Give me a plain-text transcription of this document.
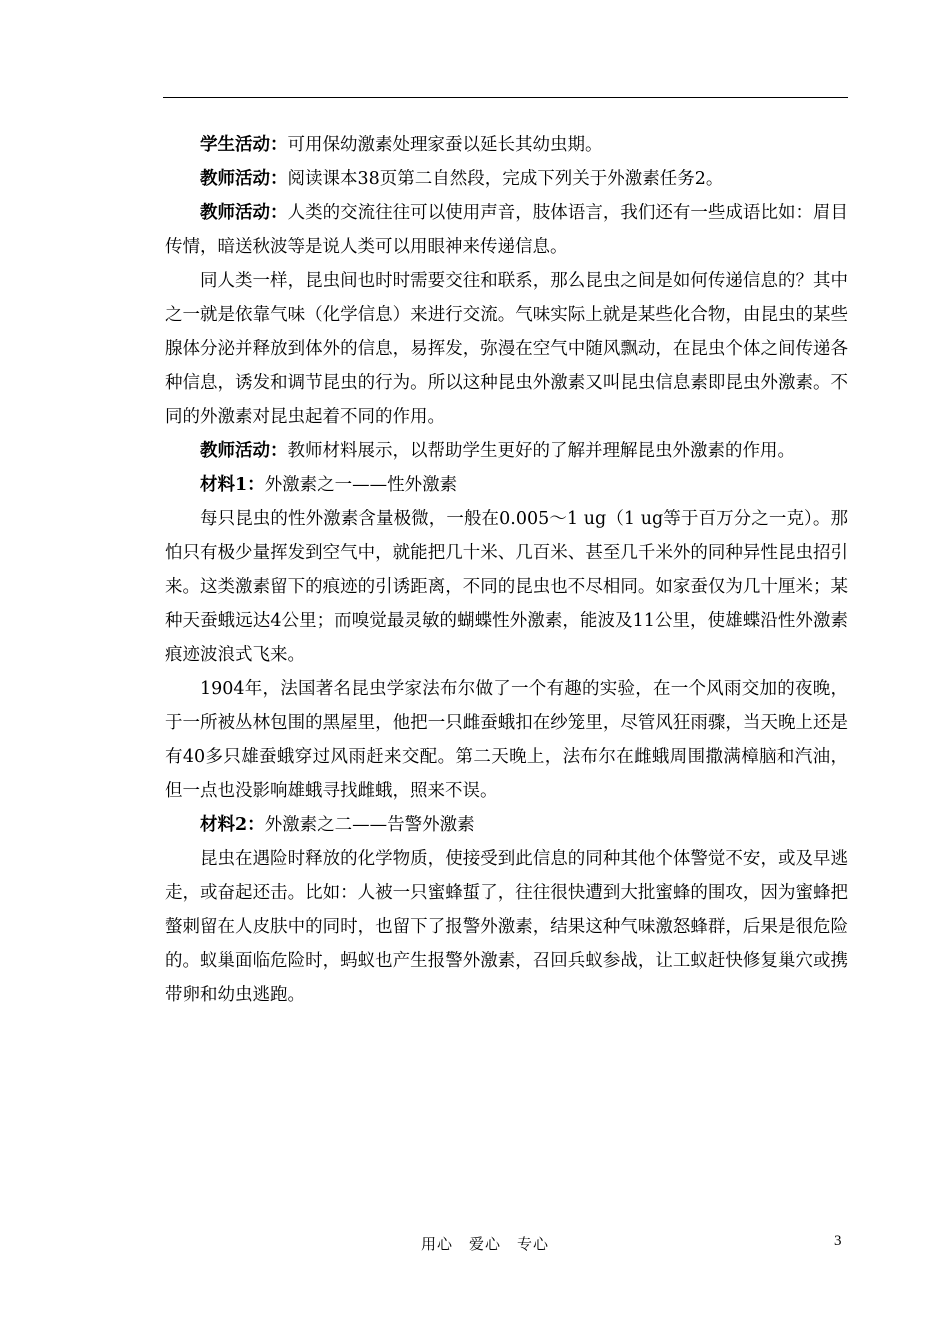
学生活动：可用保幼激素处理家蚕以延长其幼虫期。

教师活动：阅读课本38页第二自然段，完成下列关于外激素任务2。

教师活动：人类的交流往往可以使用声音，肢体语言，我们还有一些成语比如：眉目传情，暗送秋波等是说人类可以用眼神来传递信息。

同人类一样，昆虫间也时时需要交往和联系，那么昆虫之间是如何传递信息的？其中之一就是依靠气味（化学信息）来进行交流。气味实际上就是某些化合物，由昆虫的某些腺体分泌并释放到体外的信息，易挥发，弥漫在空气中随风飘动，在昆虫个体之间传递各种信息，诱发和调节昆虫的行为。所以这种昆虫外激素又叫昆虫信息素即昆虫外激素。不同的外激素对昆虫起着不同的作用。

教师活动：教师材料展示，以帮助学生更好的了解并理解昆虫外激素的作用。

材料1：外激素之一——性外激素

每只昆虫的性外激素含量极微，一般在0.005～1 ug（1 ug等于百万分之一克）。那怕只有极少量挥发到空气中，就能把几十米、几百米、甚至几千米外的同种异性昆虫招引来。这类激素留下的痕迹的引诱距离，不同的昆虫也不尽相同。如家蚕仅为几十厘米；某种天蚕蛾远达4公里；而嗅觉最灵敏的蝴蝶性外激素，能波及11公里，使雄蝶沿性外激素痕迹波浪式飞来。

1904年，法国著名昆虫学家法布尔做了一个有趣的实验，在一个风雨交加的夜晚，于一所被丛林包围的黑屋里，他把一只雌蚕蛾扣在纱笼里，尽管风狂雨骤，当天晚上还是有40多只雄蚕蛾穿过风雨赶来交配。第二天晚上，法布尔在雌蛾周围撒满樟脑和汽油，但一点也没影响雄蛾寻找雌蛾，照来不误。

材料2：外激素之二——告警外激素

昆虫在遇险时释放的化学物质，使接受到此信息的同种其他个体警觉不安，或及早逃走，或奋起还击。比如：人被一只蜜蜂蜇了，往往很快遭到大批蜜蜂的围攻，因为蜜蜂把螫刺留在人皮肤中的同时，也留下了报警外激素，结果这种气味激怒蜂群，后果是很危险的。蚁巢面临危险时，蚂蚁也产生报警外激素，召回兵蚁参战，让工蚁赶快修复巢穴或携带卵和幼虫逃跑。

用心　爱心　专心	3
